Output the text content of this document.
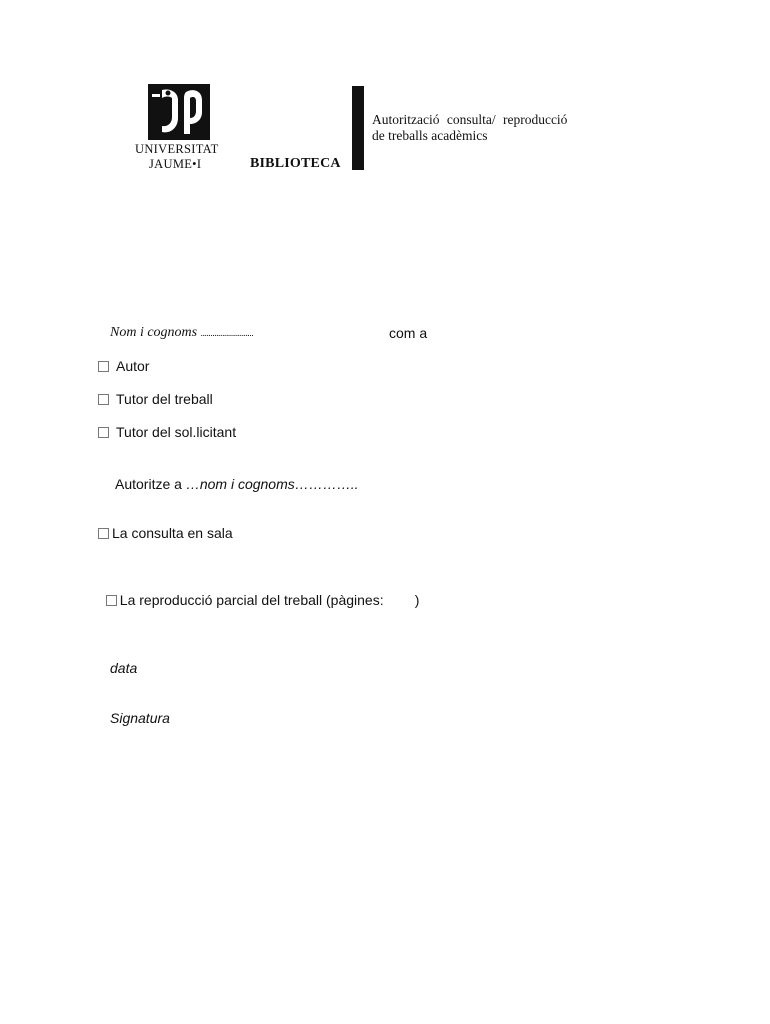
UNIVERSITAT
JAUME•I	BIBLIOTECA
Autorització consulta/ reproducció
de treballs acadèmics
Nom i cognoms ...........................	com a
Autor
Tutor del treball
Tutor del sol.licitant
Autoritze a …nom i cognoms…………..
La consulta en sala

La reproducció parcial del treball (pàgines:        )

data
Signatura
